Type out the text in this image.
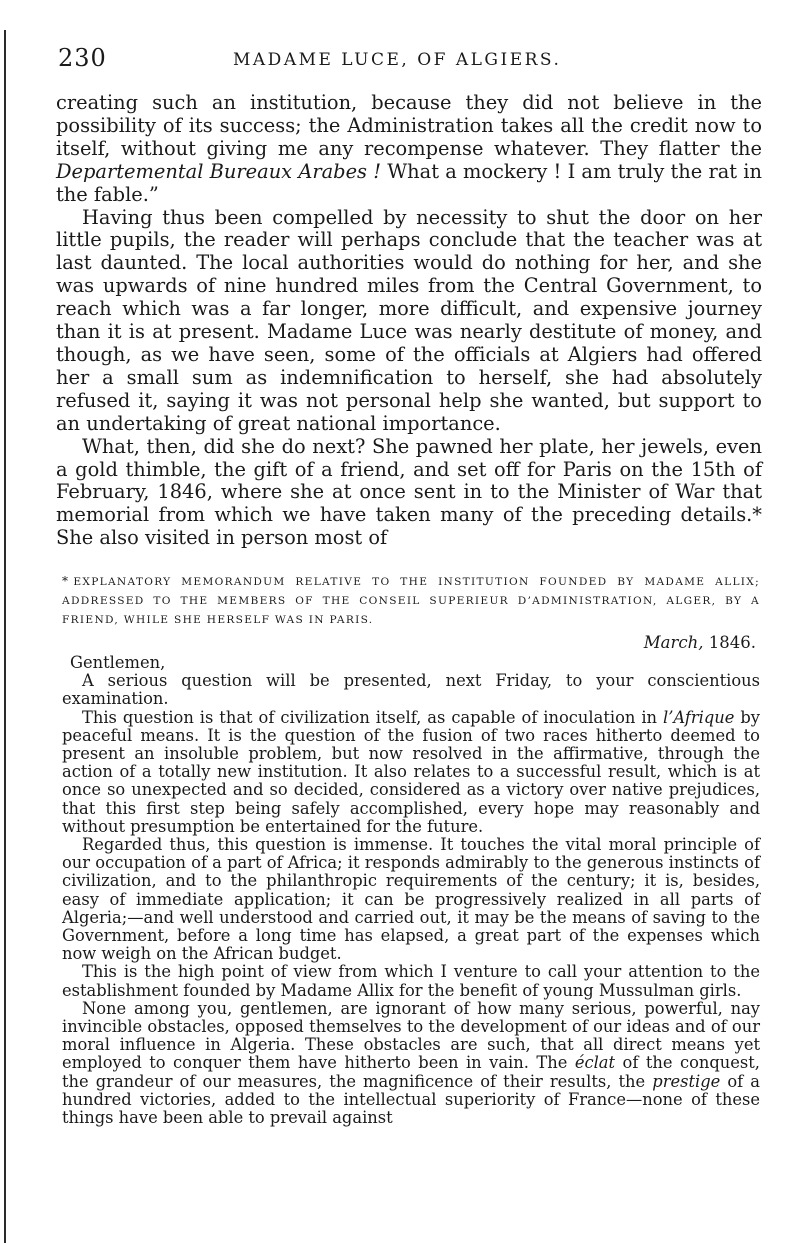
230	MADAME LUCE, OF ALGIERS.

creating such an institution, because they did not believe in the possibility of its success; the Administration takes all the credit now to itself, without giving me any recompense whatever. They flatter the Departemental Bureaux Arabes ! What a mockery ! I am truly the rat in the fable.”

Having thus been compelled by necessity to shut the door on her little pupils, the reader will perhaps conclude that the teacher was at last daunted. The local authorities would do nothing for her, and she was upwards of nine hundred miles from the Central Government, to reach which was a far longer, more difficult, and expensive journey than it is at present. Madame Luce was nearly destitute of money, and though, as we have seen, some of the officials at Algiers had offered her a small sum as indemnification to herself, she had absolutely refused it, saying it was not personal help she wanted, but support to an undertaking of great national importance.

What, then, did she do next? She pawned her plate, her jewels, even a gold thimble, the gift of a friend, and set off for Paris on the 15th of February, 1846, where she at once sent in to the Minister of War that memorial from which we have taken many of the preceding details.* She also visited in person most of

* EXPLANATORY MEMORANDUM RELATIVE TO THE INSTITUTION FOUNDED BY MADAME ALLIX; ADDRESSED TO THE MEMBERS OF THE CONSEIL SUPERIEUR D’ADMINISTRATION, ALGER, BY A FRIEND, WHILE SHE HERSELF WAS IN PARIS.

March, 1846.

Gentlemen,

A serious question will be presented, next Friday, to your conscientious examination.

This question is that of civilization itself, as capable of inoculation in l’Afrique by peaceful means. It is the question of the fusion of two races hitherto deemed to present an insoluble problem, but now resolved in the affirmative, through the action of a totally new institution. It also relates to a successful result, which is at once so unexpected and so decided, considered as a victory over native prejudices, that this first step being safely accomplished, every hope may reasonably and without presumption be entertained for the future.

Regarded thus, this question is immense. It touches the vital moral principle of our occupation of a part of Africa; it responds admirably to the generous instincts of civilization, and to the philanthropic requirements of the century; it is, besides, easy of immediate application; it can be progressively realized in all parts of Algeria;—and well understood and carried out, it may be the means of saving to the Government, before a long time has elapsed, a great part of the expenses which now weigh on the African budget.

This is the high point of view from which I venture to call your attention to the establishment founded by Madame Allix for the benefit of young Mussulman girls.

None among you, gentlemen, are ignorant of how many serious, powerful, nay invincible obstacles, opposed themselves to the development of our ideas and of our moral influence in Algeria. These obstacles are such, that all direct means yet employed to conquer them have hitherto been in vain. The éclat of the conquest, the grandeur of our measures, the magnificence of their results, the prestige of a hundred victories, added to the intellectual superiority of France—none of these things have been able to prevail against
